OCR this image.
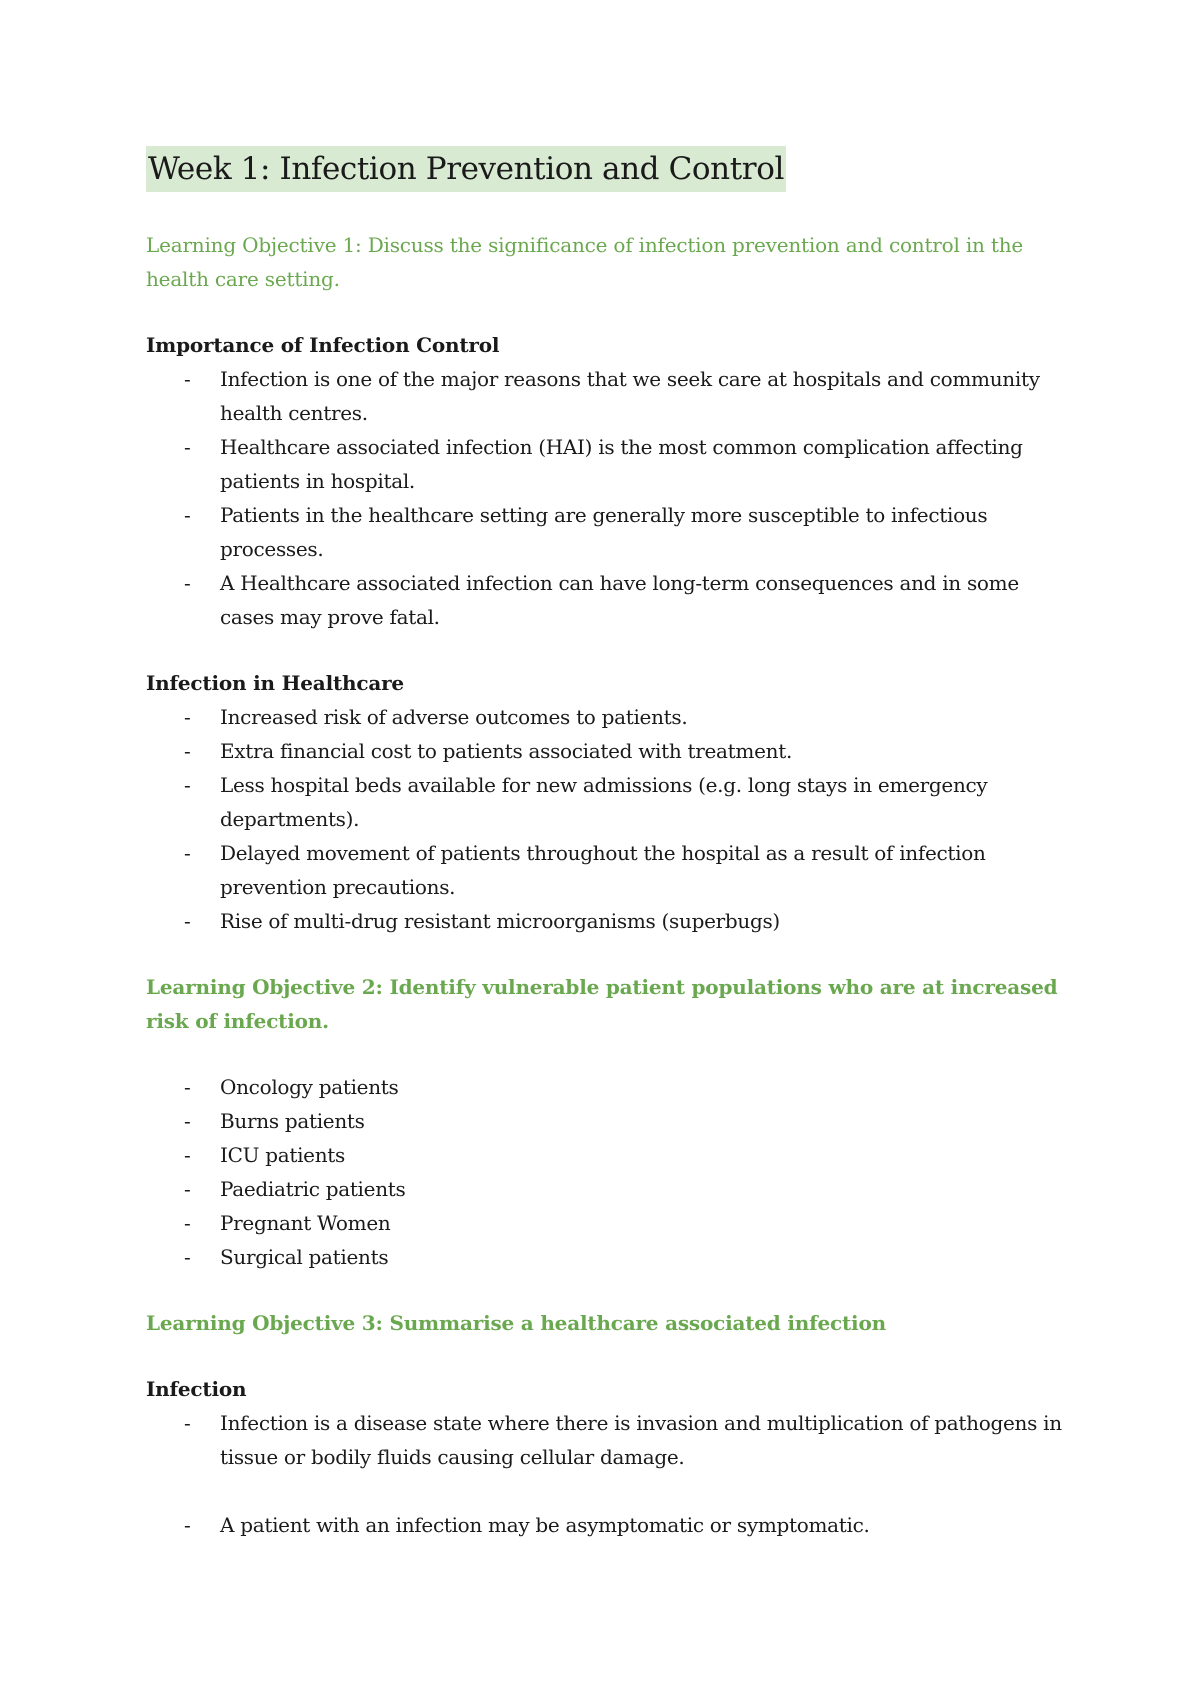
Week 1: Infection Prevention and Control

Learning Objective 1: Discuss the significance of infection prevention and control in the health care setting.

Importance of Infection Control

- Infection is one of the major reasons that we seek care at hospitals and community health centres.
- Healthcare associated infection (HAI) is the most common complication affecting patients in hospital.
- Patients in the healthcare setting are generally more susceptible to infectious processes.
- A Healthcare associated infection can have long-term consequences and in some cases may prove fatal.

Infection in Healthcare

- Increased risk of adverse outcomes to patients.
- Extra financial cost to patients associated with treatment.
- Less hospital beds available for new admissions (e.g. long stays in emergency departments).
- Delayed movement of patients throughout the hospital as a result of infection prevention precautions.
- Rise of multi-drug resistant microorganisms (superbugs)

Learning Objective 2: Identify vulnerable patient populations who are at increased risk of infection.

- Oncology patients
- Burns patients
- ICU patients
- Paediatric patients
- Pregnant Women
- Surgical patients

Learning Objective 3: Summarise a healthcare associated infection

Infection

- Infection is a disease state where there is invasion and multiplication of pathogens in tissue or bodily fluids causing cellular damage.
- A patient with an infection may be asymptomatic or symptomatic.
